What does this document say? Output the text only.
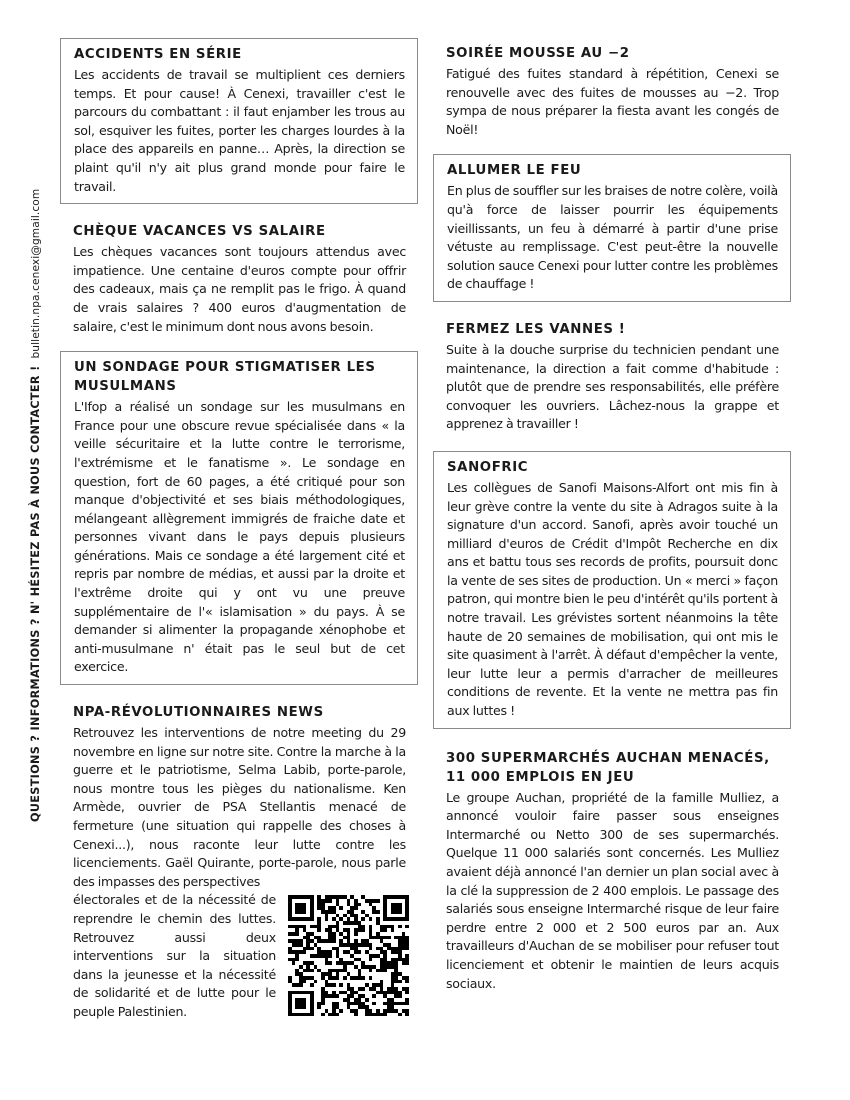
QUESTIONS ? INFORMATIONS ? N' HÉSITEZ PAS À NOUS CONTACTER ! bulletin.npa.cenexi@gmail.com
ACCIDENTS EN SÉRIE

Les accidents de travail se multiplient ces derniers temps. Et pour cause! À Cenexi, travailler c'est le parcours du combattant : il faut enjamber les trous au sol, esquiver les fuites, porter les charges lourdes à la place des appareils en panne… Après, la direction se plaint qu'il n'y ait plus grand monde pour faire le travail.

CHÈQUE VACANCES VS SALAIRE

Les chèques vacances sont toujours attendus avec impatience. Une centaine d'euros compte pour offrir des cadeaux, mais ça ne remplit pas le frigo. À quand de vrais salaires ? 400 euros d'augmentation de salaire, c'est le minimum dont nous avons besoin.

UN SONDAGE POUR STIGMATISER LES MUSULMANS

L'Ifop a réalisé un sondage sur les musulmans en France pour une obscure revue spécialisée dans « la veille sécuritaire et la lutte contre le terrorisme, l'extrémisme et le fanatisme ». Le sondage en question, fort de 60 pages, a été critiqué pour son manque d'objectivité et ses biais méthodologiques, mélangeant allègrement immigrés de fraiche date et personnes vivant dans le pays depuis plusieurs générations. Mais ce sondage a été largement cité et repris par nombre de médias, et aussi par la droite et l'extrême droite qui y ont vu une preuve supplémentaire de l'« islamisation » du pays. À se demander si alimenter la propagande xénophobe et anti-musulmane n' était pas le seul but de cet exercice.

NPA-RÉVOLUTIONNAIRES NEWS

Retrouvez les interventions de notre meeting du 29 novembre en ligne sur notre site. Contre la marche à la guerre et le patriotisme, Selma Labib, porte-parole, nous montre tous les pièges du nationalisme. Ken Armède, ouvrier de PSA Stellantis menacé de fermeture (une situation qui rappelle des choses à Cenexi...), nous raconte leur lutte contre les licenciements. Gaël Quirante, porte-parole, nous parle des impasses des perspectives

électorales et de la nécessité de reprendre le chemin des luttes. Retrouvez aussi deux interventions sur la situation dans la jeunesse et la nécessité de solidarité et de lutte pour le peuple Palestinien.

SOIRÉE MOUSSE AU −2

Fatigué des fuites standard à répétition, Cenexi se renouvelle avec des fuites de mousses au −2. Trop sympa de nous préparer la fiesta avant les congés de Noël!

ALLUMER LE FEU

En plus de souffler sur les braises de notre colère, voilà qu'à force de laisser pourrir les équipements vieillissants, un feu à démarré à partir d'une prise vétuste au remplissage. C'est peut-être la nouvelle solution sauce Cenexi pour lutter contre les problèmes de chauffage !

FERMEZ LES VANNES !

Suite à la douche surprise du technicien pendant une maintenance, la direction a fait comme d'habitude : plutôt que de prendre ses responsabilités, elle préfère convoquer les ouvriers. Lâchez-nous la grappe et apprenez à travailler !

SANOFRIC

Les collègues de Sanofi Maisons-Alfort ont mis fin à leur grève contre la vente du site à Adragos suite à la signature d'un accord. Sanofi, après avoir touché un milliard d'euros de Crédit d'Impôt Recherche en dix ans et battu tous ses records de profits, poursuit donc la vente de ses sites de production. Un « merci » façon patron, qui montre bien le peu d'intérêt qu'ils portent à notre travail. Les grévistes sortent néanmoins la tête haute de 20 semaines de mobilisation, qui ont mis le site quasiment à l'arrêt. À défaut d'empêcher la vente, leur lutte leur a permis d'arracher de meilleures conditions de revente. Et la vente ne mettra pas fin aux luttes !

300 SUPERMARCHÉS AUCHAN MENACÉS, 11 000 EMPLOIS EN JEU

Le groupe Auchan, propriété de la famille Mulliez, a annoncé vouloir faire passer sous enseignes Intermarché ou Netto 300 de ses supermarchés. Quelque 11 000 salariés sont concernés. Les Mulliez avaient déjà annoncé l'an dernier un plan social avec à la clé la suppression de 2 400 emplois. Le passage des salariés sous enseigne Intermarché risque de leur faire perdre entre 2 000 et 2 500 euros par an. Aux travailleurs d'Auchan de se mobiliser pour refuser tout licenciement et obtenir le maintien de leurs acquis sociaux.
